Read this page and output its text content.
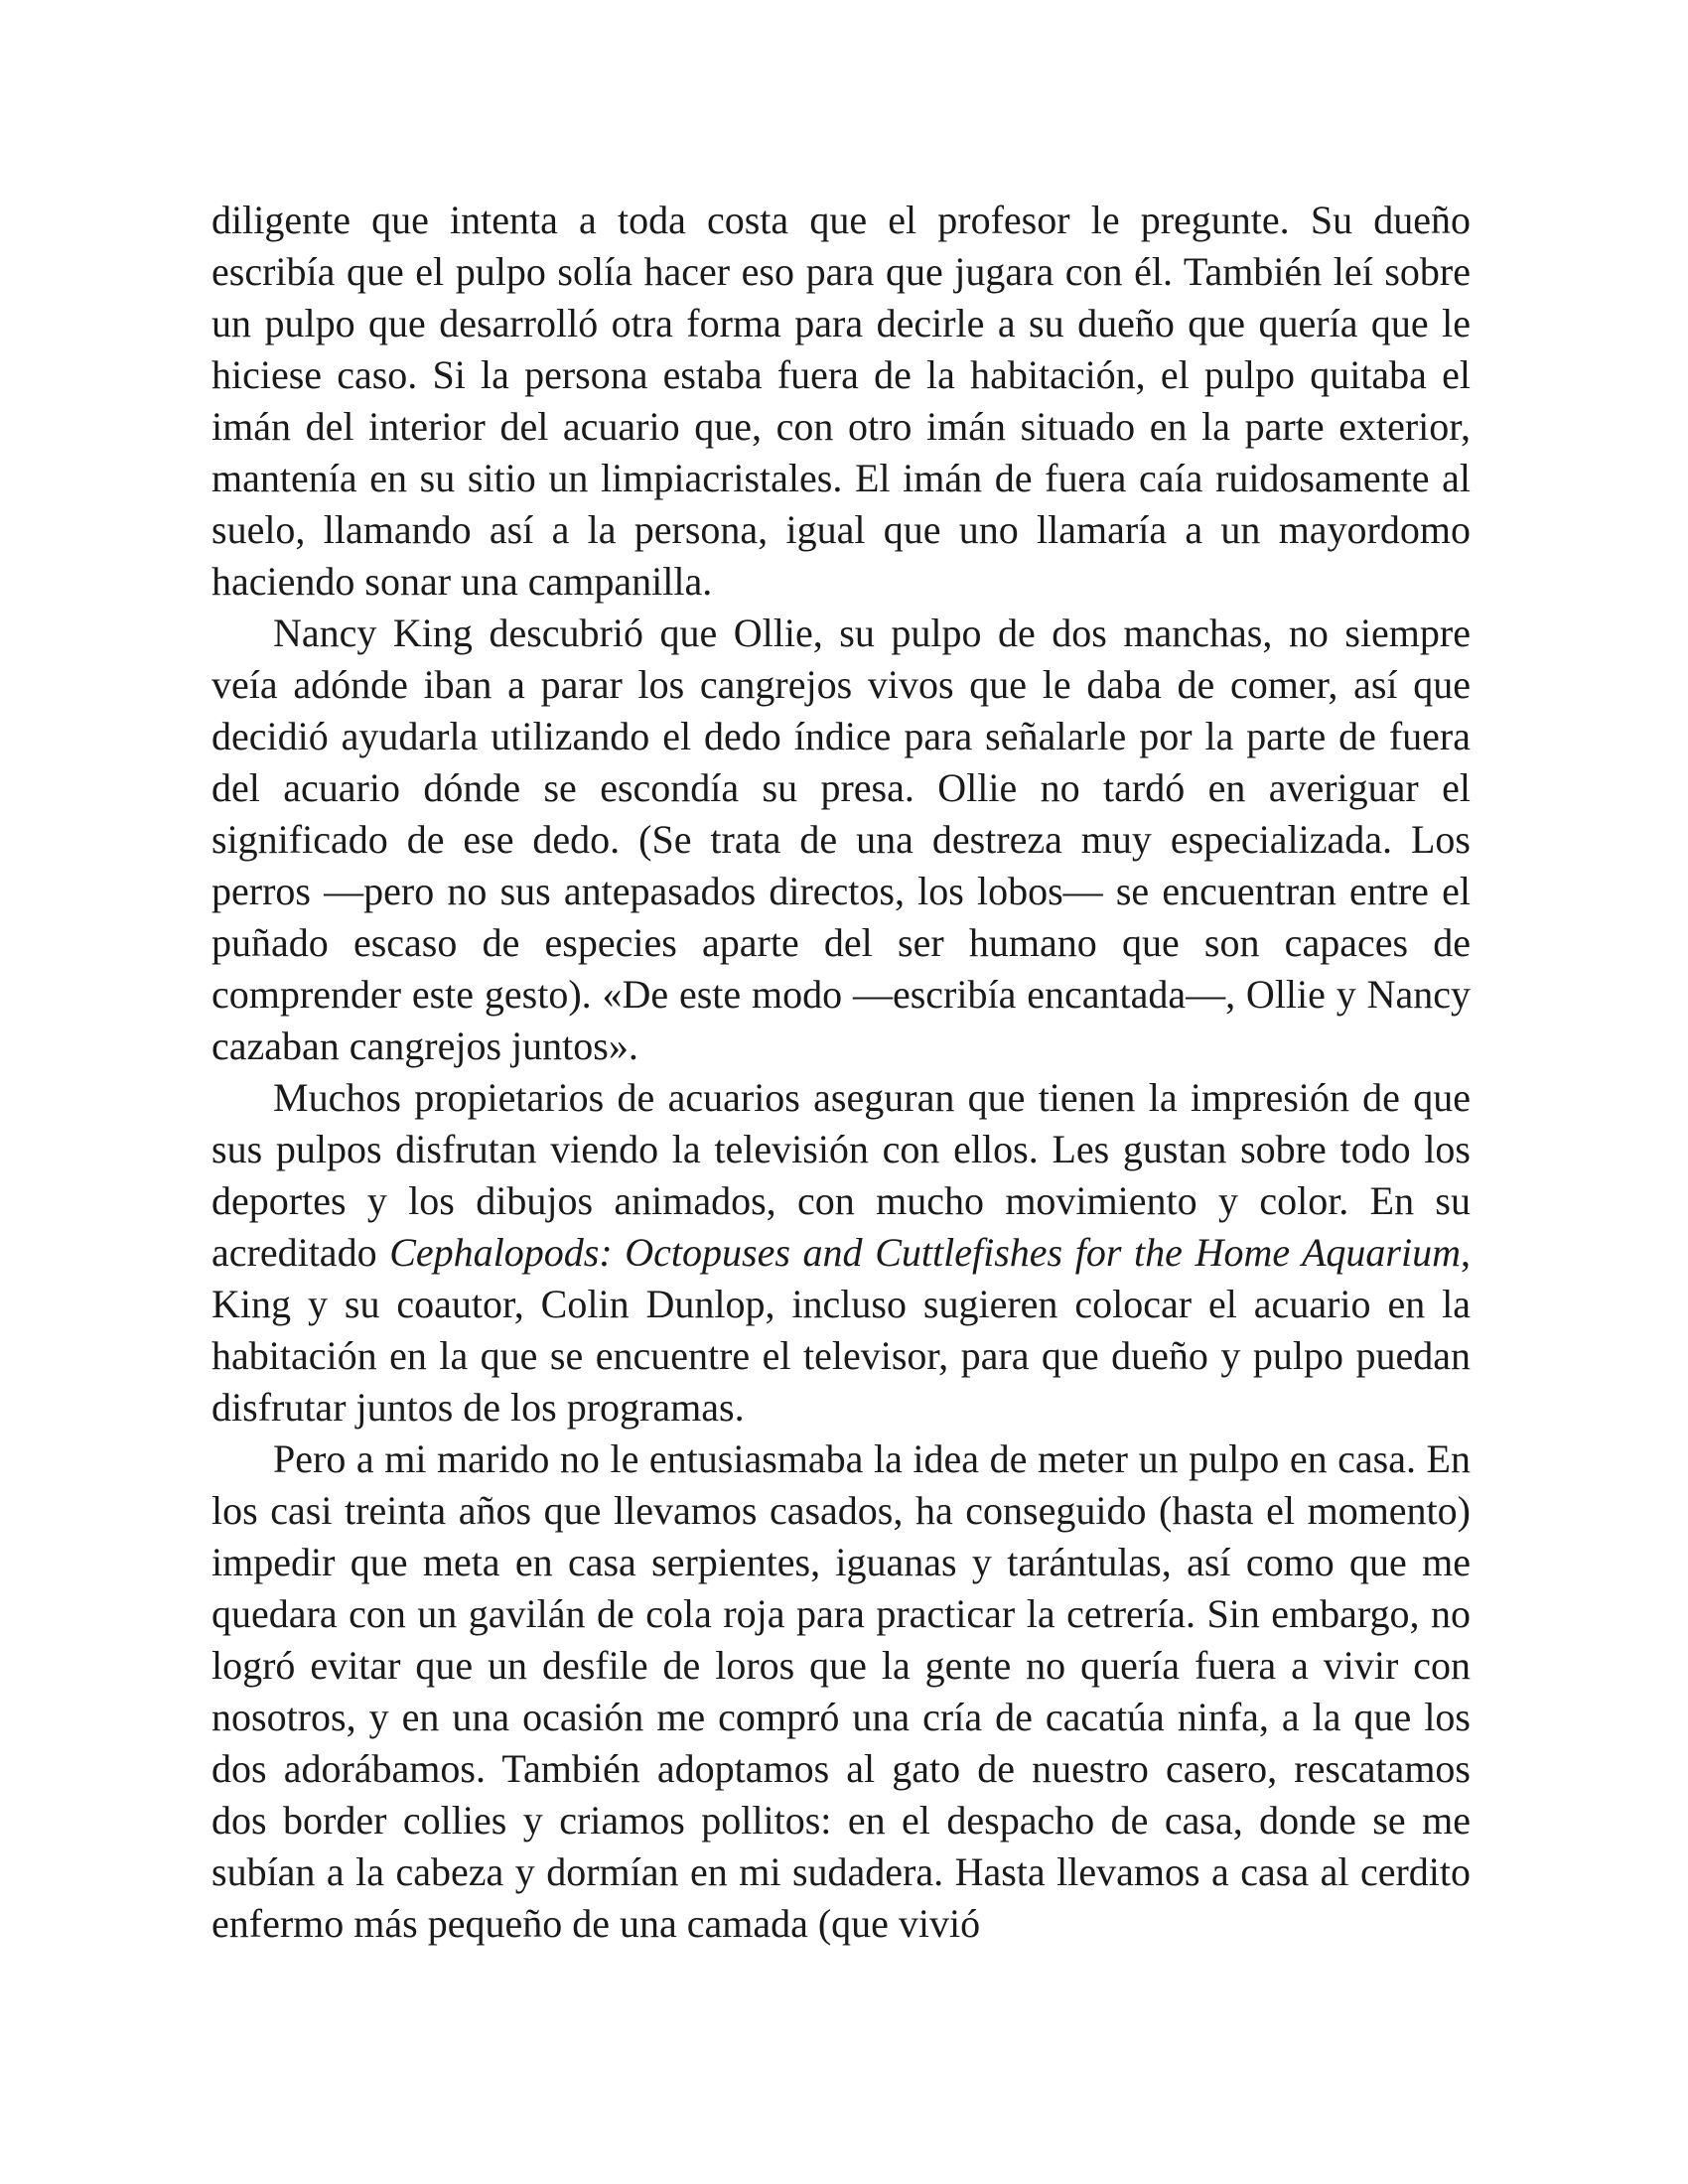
diligente que intenta a toda costa que el profesor le pregunte. Su dueño escribía que el pulpo solía hacer eso para que jugara con él. También leí sobre un pulpo que desarrolló otra forma para decirle a su dueño que quería que le hiciese caso. Si la persona estaba fuera de la habitación, el pulpo quitaba el imán del interior del acuario que, con otro imán situado en la parte exterior, mantenía en su sitio un limpiacristales. El imán de fuera caía ruidosamente al suelo, llamando así a la persona, igual que uno llamaría a un mayordomo haciendo sonar una campanilla.

Nancy King descubrió que Ollie, su pulpo de dos manchas, no siempre veía adónde iban a parar los cangrejos vivos que le daba de comer, así que decidió ayudarla utilizando el dedo índice para señalarle por la parte de fuera del acuario dónde se escondía su presa. Ollie no tardó en averiguar el significado de ese dedo. (Se trata de una destreza muy especializada. Los perros —pero no sus antepasados directos, los lobos— se encuentran entre el puñado escaso de especies aparte del ser humano que son capaces de comprender este gesto). «De este modo —escribía encantada—, Ollie y Nancy cazaban cangrejos juntos».

Muchos propietarios de acuarios aseguran que tienen la impresión de que sus pulpos disfrutan viendo la televisión con ellos. Les gustan sobre todo los deportes y los dibujos animados, con mucho movimiento y color. En su acreditado Cephalopods: Octopuses and Cuttlefishes for the Home Aquarium, King y su coautor, Colin Dunlop, incluso sugieren colocar el acuario en la habitación en la que se encuentre el televisor, para que dueño y pulpo puedan disfrutar juntos de los programas.

Pero a mi marido no le entusiasmaba la idea de meter un pulpo en casa. En los casi treinta años que llevamos casados, ha conseguido (hasta el momento) impedir que meta en casa serpientes, iguanas y tarántulas, así como que me quedara con un gavilán de cola roja para practicar la cetrería. Sin embargo, no logró evitar que un desfile de loros que la gente no quería fuera a vivir con nosotros, y en una ocasión me compró una cría de cacatúa ninfa, a la que los dos adorábamos. También adoptamos al gato de nuestro casero, rescatamos dos border collies y criamos pollitos: en el despacho de casa, donde se me subían a la cabeza y dormían en mi sudadera. Hasta llevamos a casa al cerdito enfermo más pequeño de una camada (que vivió
